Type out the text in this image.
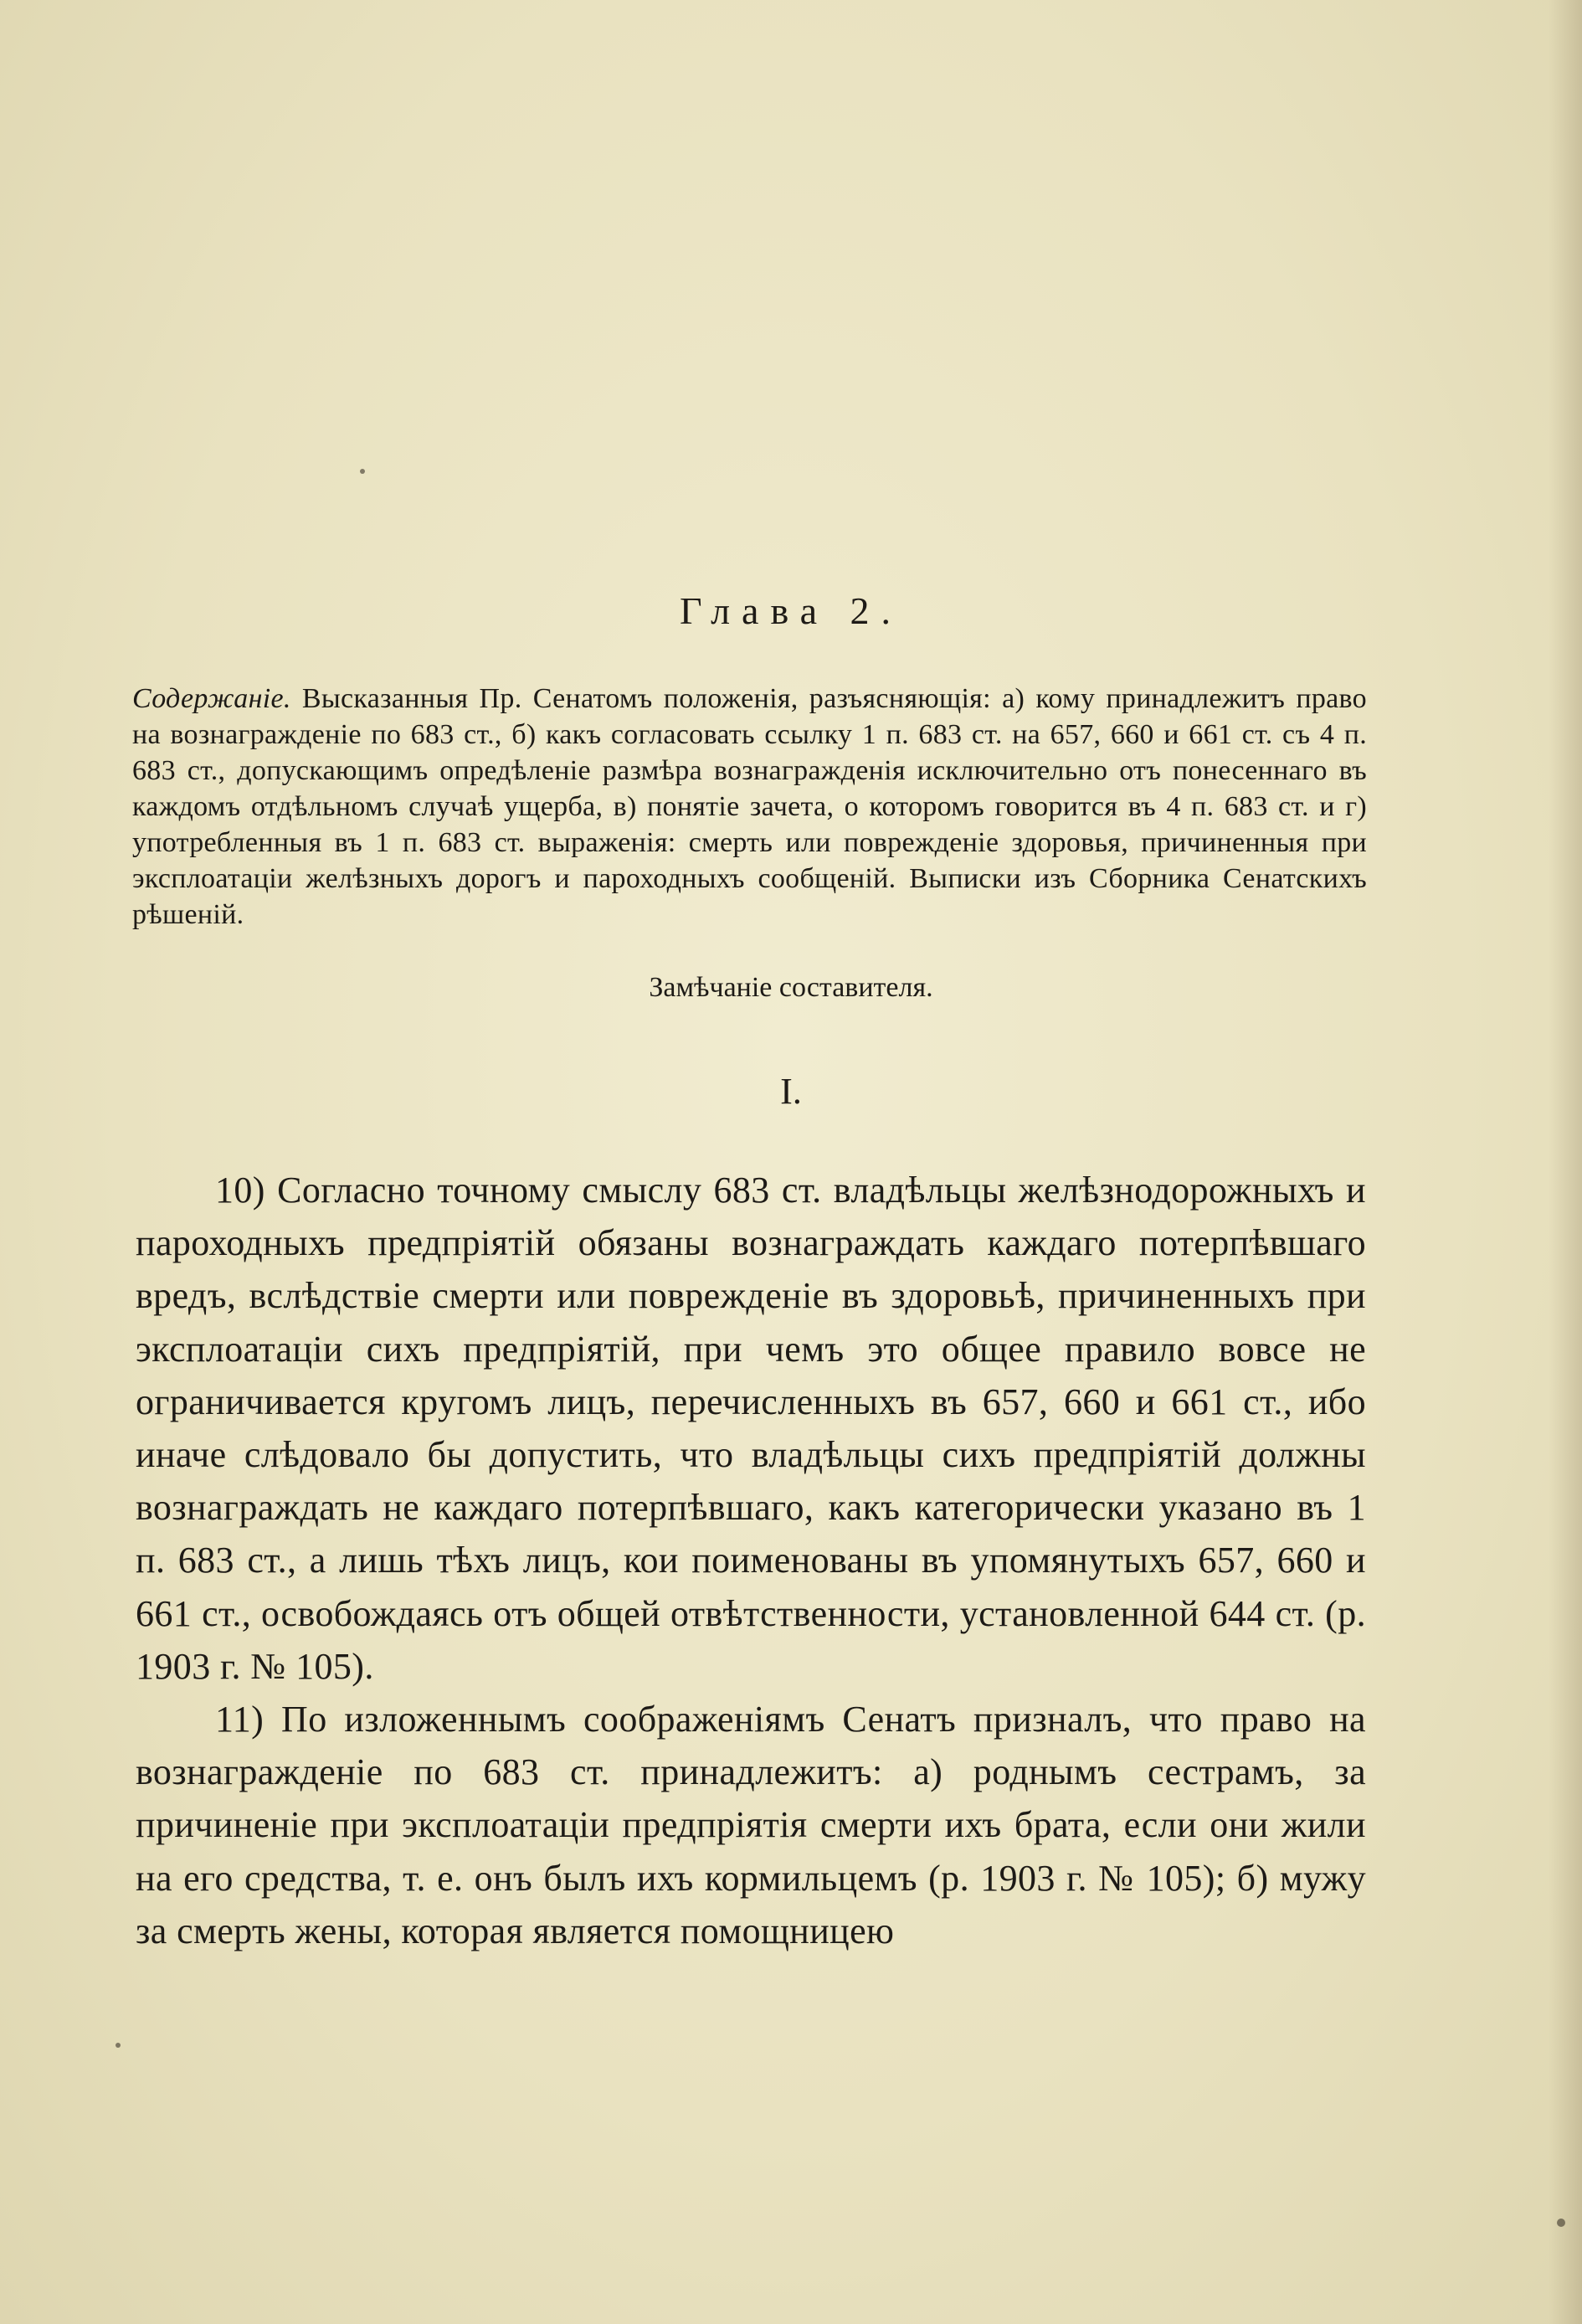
Глава 2.
Содержаніе. Высказанныя Пр. Сенатомъ положенія, разъясняющія: а) кому принадлежитъ право на вознагражденіе по 683 ст., б) какъ согласовать ссылку 1 п. 683 ст. на 657, 660 и 661 ст. съ 4 п. 683 ст., допускающимъ опредѣленіе размѣра вознагражденія исключительно отъ понесеннаго въ каждомъ отдѣльномъ случаѣ ущерба, в) понятіе зачета, о которомъ говорится въ 4 п. 683 ст. и г) употребленныя въ 1 п. 683 ст. выраженія: смерть или поврежденіе здоровья, причиненныя при эксплоатаціи желѣзныхъ дорогъ и пароходныхъ сообщеній. Выписки изъ Сборника Сенатскихъ рѣшеній.
Замѣчаніе составителя.
I.

10) Согласно точному смыслу 683 ст. владѣльцы желѣзнодорожныхъ и пароходныхъ предпріятій обязаны вознаграждать каждаго потерпѣвшаго вредъ, вслѣдствіе смерти или поврежденіе въ здоровьѣ, причиненныхъ при эксплоатаціи сихъ предпріятій, при чемъ это общее правило вовсе не ограничивается кругомъ лицъ, перечисленныхъ въ 657, 660 и 661 ст., ибо иначе слѣдовало бы допустить, что владѣльцы сихъ предпріятій должны вознаграждать не каждаго потерпѣвшаго, какъ категорически указано въ 1 п. 683 ст., а лишь тѣхъ лицъ, кои поименованы въ упомянутыхъ 657, 660 и 661 ст., освобождаясь отъ общей отвѣтственности, установленной 644 ст. (р. 1903 г. № 105).

11) По изложеннымъ соображеніямъ Сенатъ призналъ, что право на вознагражденіе по 683 ст. принадлежитъ: а) роднымъ сестрамъ, за причиненіе при эксплоатаціи предпріятія смерти ихъ брата, если они жили на его средства, т. е. онъ былъ ихъ кормильцемъ (р. 1903 г. № 105); б) мужу за смерть жены, которая является помощницею
